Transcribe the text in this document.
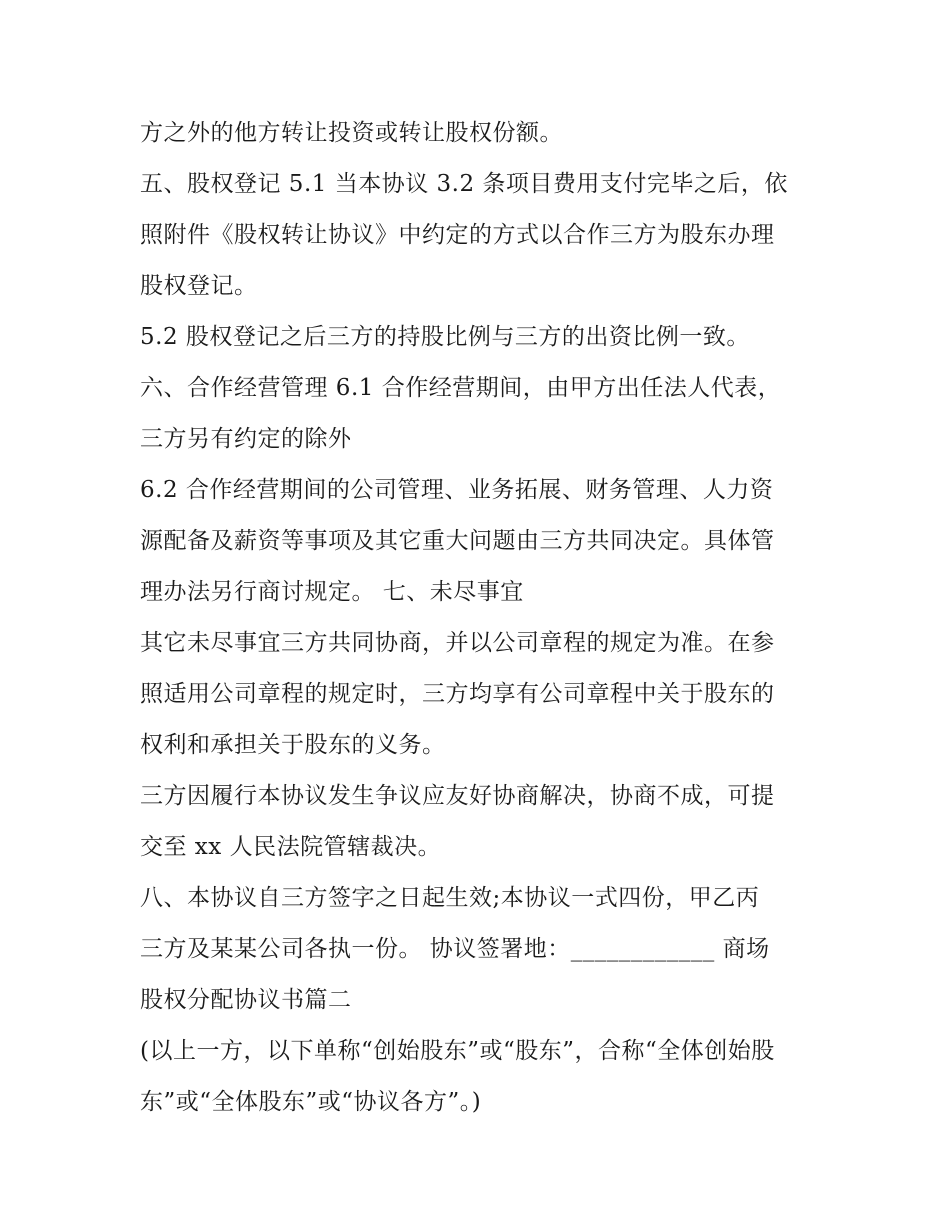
方之外的他方转让投资或转让股权份额。
五、股权登记 5.1 当本协议 3.2 条项目费用支付完毕之后，依
照附件《股权转让协议》中约定的方式以合作三方为股东办理
股权登记。
5.2 股权登记之后三方的持股比例与三方的出资比例一致。
六、合作经营管理 6.1 合作经营期间，由甲方出任法人代表，
三方另有约定的除外
6.2 合作经营期间的公司管理、业务拓展、财务管理、人力资
源配备及薪资等事项及其它重大问题由三方共同决定。具体管
理办法另行商讨规定。 七、未尽事宜
其它未尽事宜三方共同协商，并以公司章程的规定为准。在参
照适用公司章程的规定时，三方均享有公司章程中关于股东的
权利和承担关于股东的义务。
三方因履行本协议发生争议应友好协商解决，协商不成，可提
交至 xx 人民法院管辖裁决。
八、本协议自三方签字之日起生效;本协议一式四份，甲乙丙
三方及某某公司各执一份。 协议签署地：____________ 商场
股权分配协议书篇二
(以上一方，以下单称“创始股东”或“股东”，合称“全体创始股
东”或“全体股东”或“协议各方”。)
